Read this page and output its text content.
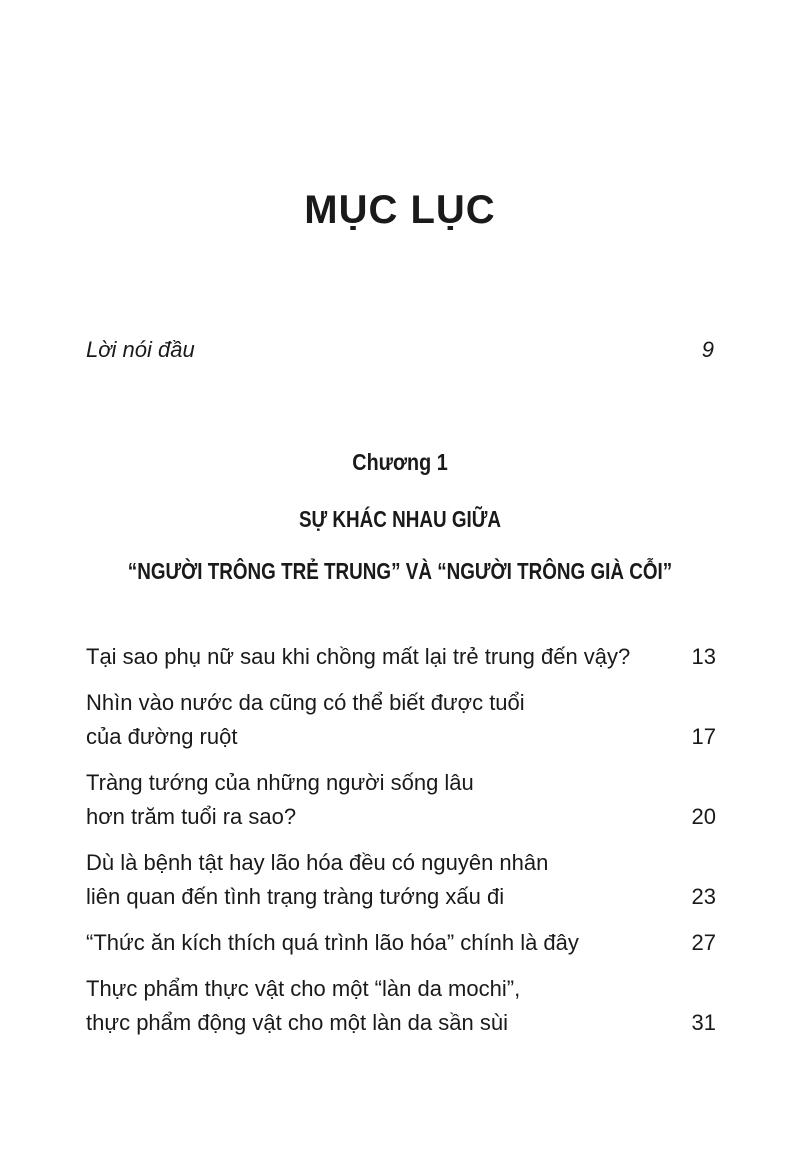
MỤC LỤC
Lời nói đầu	9
Chương 1
SỰ KHÁC NHAU GIỮA
“NGƯỜI TRÔNG TRẺ TRUNG” VÀ “NGƯỜI TRÔNG GIÀ CỖI”
Tại sao phụ nữ sau khi chồng mất lại trẻ trung đến vậy?	13
Nhìn vào nước da cũng có thể biết được tuổi
của đường ruột	17
Tràng tướng của những người sống lâu
hơn trăm tuổi ra sao?	20
Dù là bệnh tật hay lão hóa đều có nguyên nhân
liên quan đến tình trạng tràng tướng xấu đi	23
“Thức ăn kích thích quá trình lão hóa” chính là đây	27
Thực phẩm thực vật cho một “làn da mochi”,
thực phẩm động vật cho một làn da sần sùi	31
